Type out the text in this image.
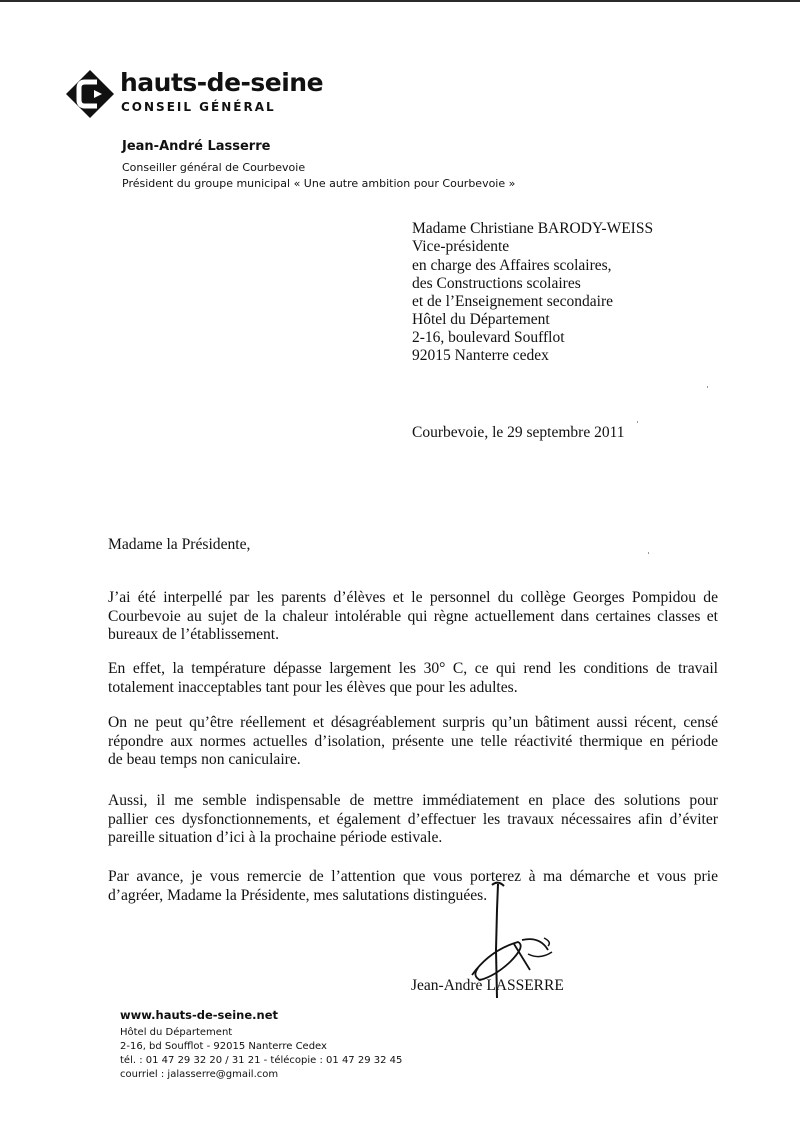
hauts-de-seine
CONSEIL GÉNÉRAL
Jean-André Lasserre
Conseiller général de Courbevoie
Président du groupe municipal « Une autre ambition pour Courbevoie »
Madame Christiane BARODY-WEISS
Vice-présidente
en charge des Affaires scolaires,
des Constructions scolaires
et de l’Enseignement secondaire
Hôtel du Département
2-16, boulevard Soufflot
92015 Nanterre cedex
Courbevoie, le 29 septembre 2011
Madame la Présidente,
J’ai été interpellé par les parents d’élèves et le personnel du collège Georges Pompidou de
Courbevoie au sujet de la chaleur intolérable qui règne actuellement dans certaines classes et
bureaux de l’établissement.
En effet, la température dépasse largement les 30° C, ce qui rend les conditions de travail
totalement inacceptables tant pour les élèves que pour les adultes.
On ne peut qu’être réellement et désagréablement surpris qu’un bâtiment aussi récent, censé
répondre aux normes actuelles d’isolation, présente une telle réactivité thermique en période
de beau temps non caniculaire.
Aussi, il me semble indispensable de mettre immédiatement en place des solutions pour
pallier ces dysfonctionnements, et également d’effectuer les travaux nécessaires afin d’éviter
pareille situation d’ici à la prochaine période estivale.
Par avance, je vous remercie de l’attention que vous porterez à ma démarche et vous prie
d’agréer, Madame la Présidente, mes salutations distinguées.
Jean-André LASSERRE
www.hauts-de-seine.net
Hôtel du Département
2-16, bd Soufflot - 92015 Nanterre Cedex
tél. : 01 47 29 32 20 / 31 21 - télécopie : 01 47 29 32 45
courriel : jalasserre@gmail.com
